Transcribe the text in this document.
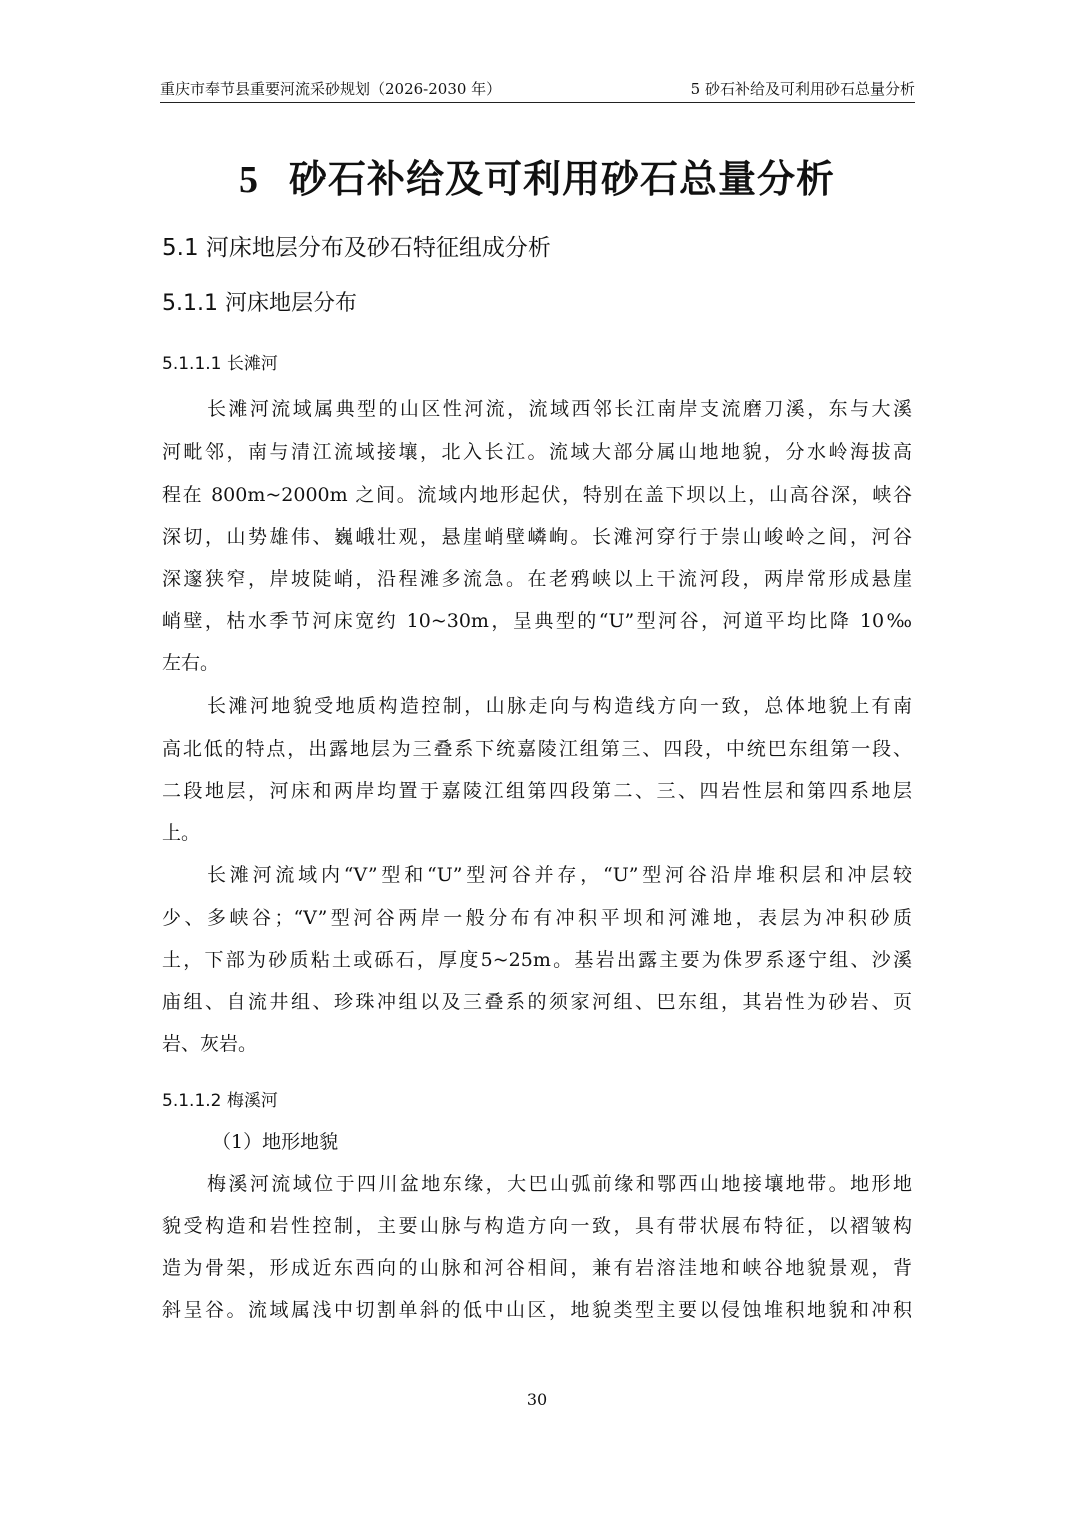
重庆市奉节县重要河流采砂规划（2026-2030 年）	5 砂石补给及可利用砂石总量分析
5 砂石补给及可利用砂石总量分析
5.1 河床地层分布及砂石特征组成分析
5.1.1 河床地层分布
5.1.1.1 长滩河
长滩河流域属典型的山区性河流，流域西邻长江南岸支流磨刀溪，东与大溪
河毗邻，南与清江流域接壤，北入长江。流域大部分属山地地貌，分水岭海拔高
程在 800m~2000m 之间。流域内地形起伏，特别在盖下坝以上，山高谷深，峡谷
深切，山势雄伟、巍峨壮观，悬崖峭壁嶙峋。长滩河穿行于崇山峻岭之间，河谷
深邃狭窄，岸坡陡峭，沿程滩多流急。在老鸦峡以上干流河段，两岸常形成悬崖
峭壁，枯水季节河床宽约 10~30m，呈典型的“U”型河谷，河道平均比降 10‰
左右。
长滩河地貌受地质构造控制，山脉走向与构造线方向一致，总体地貌上有南
高北低的特点，出露地层为三叠系下统嘉陵江组第三、四段，中统巴东组第一段、
二段地层，河床和两岸均置于嘉陵江组第四段第二、三、四岩性层和第四系地层
上。
长滩河流域内“V”型和“U”型河谷并存，“U”型河谷沿岸堆积层和冲层较
少、多峡谷；“V”型河谷两岸一般分布有冲积平坝和河滩地，表层为冲积砂质
土，下部为砂质粘土或砾石，厚度5~25m。基岩出露主要为侏罗系逐宁组、沙溪
庙组、自流井组、珍珠冲组以及三叠系的须家河组、巴东组，其岩性为砂岩、页
岩、灰岩。
5.1.1.2 梅溪河
（1）地形地貌
梅溪河流域位于四川盆地东缘，大巴山弧前缘和鄂西山地接壤地带。地形地
貌受构造和岩性控制，主要山脉与构造方向一致，具有带状展布特征，以褶皱构
造为骨架，形成近东西向的山脉和河谷相间，兼有岩溶洼地和峡谷地貌景观，背
斜呈谷。流域属浅中切割单斜的低中山区，地貌类型主要以侵蚀堆积地貌和冲积
30
